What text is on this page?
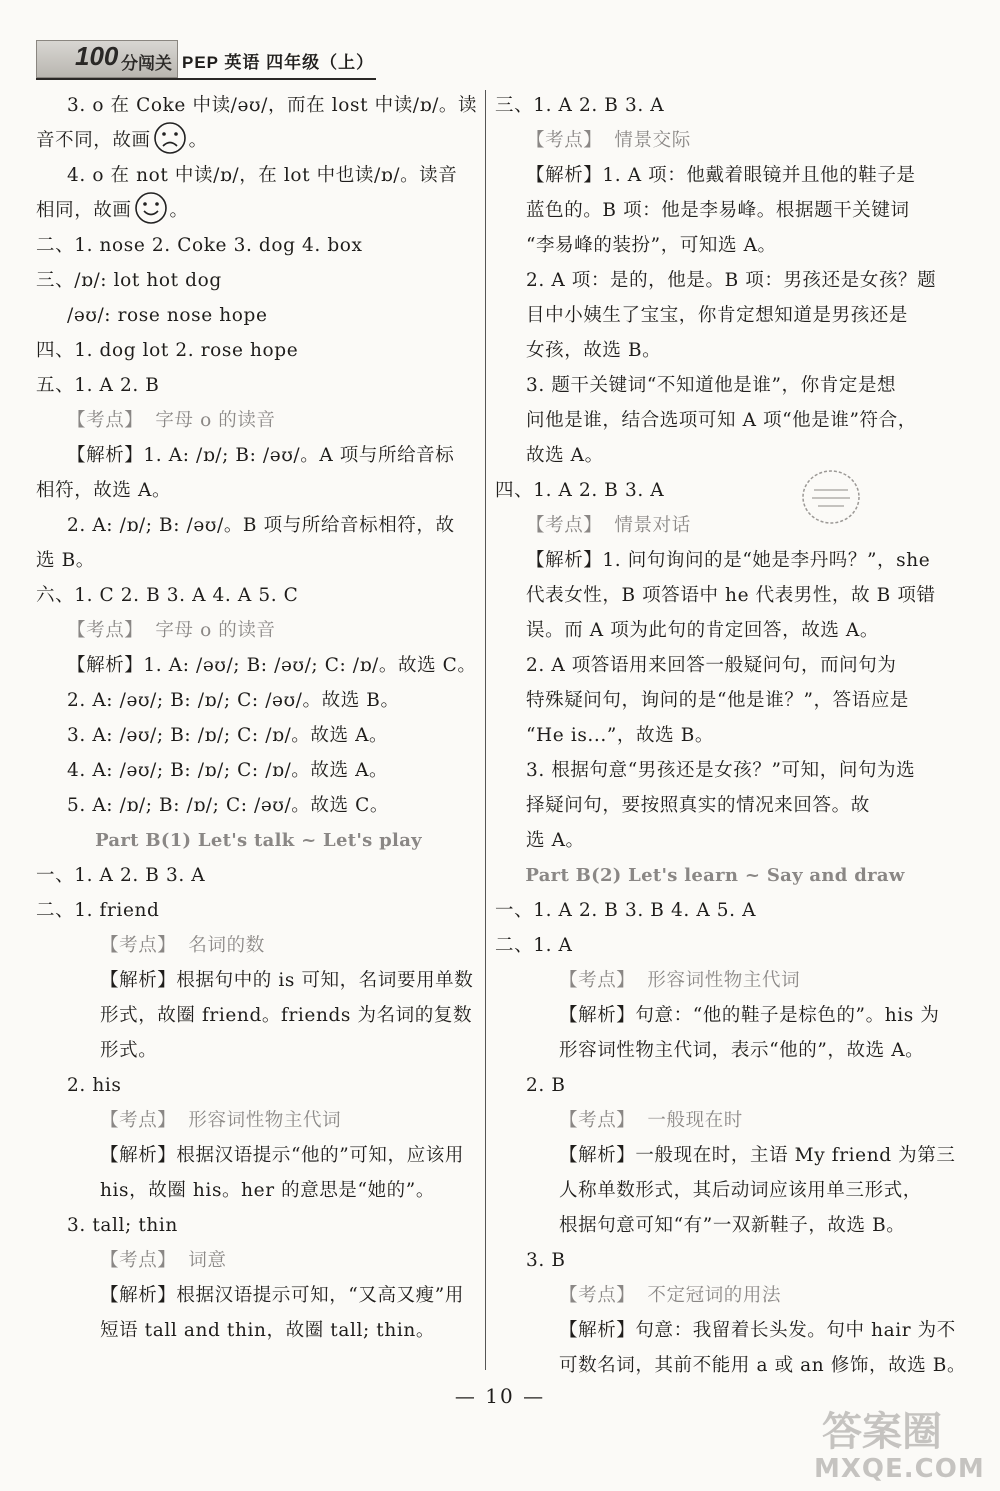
100 分闯关 PEP 英语 四年级（上）
3. o 在 Coke 中读/əʊ/，而在 lost 中读/ɒ/。读
音不同，故画 。
4. o 在 not 中读/ɒ/，在 lot 中也读/ɒ/。读音
相同，故画 。
二、1. nose 2. Coke 3. dog 4. box
三、/ɒ/: lot hot dog
/əʊ/: rose nose hope
四、1. dog lot 2. rose hope
五、1. A 2. B
【考点】 字母 o 的读音
【解析】1. A: /ɒ/; B: /əʊ/。A 项与所给音标
相符，故选 A。
2. A: /ɒ/; B: /əʊ/。B 项与所给音标相符，故
选 B。
六、1. C 2. B 3. A 4. A 5. C
【考点】 字母 o 的读音
【解析】1. A: /əʊ/; B: /əʊ/; C: /ɒ/。故选 C。
2. A: /əʊ/; B: /ɒ/; C: /əʊ/。故选 B。
3. A: /əʊ/; B: /ɒ/; C: /ɒ/。故选 A。
4. A: /əʊ/; B: /ɒ/; C: /ɒ/。故选 A。
5. A: /ɒ/; B: /ɒ/; C: /əʊ/。故选 C。
Part B(1) Let's talk ~ Let's play
一、1. A 2. B 3. A
二、1. friend
【考点】 名词的数
【解析】根据句中的 is 可知，名词要用单数
形式，故圈 friend。friends 为名词的复数
形式。
2. his
【考点】 形容词性物主代词
【解析】根据汉语提示“他的”可知，应该用
his，故圈 his。her 的意思是“她的”。
3. tall; thin
【考点】 词意
【解析】根据汉语提示可知，“又高又瘦”用
短语 tall and thin，故圈 tall; thin。
三、1. A 2. B 3. A
【考点】 情景交际
【解析】1. A 项：他戴着眼镜并且他的鞋子是
蓝色的。B 项：他是李易峰。根据题干关键词
“李易峰的装扮”，可知选 A。
2. A 项：是的，他是。B 项：男孩还是女孩？题
目中小姨生了宝宝，你肯定想知道是男孩还是
女孩，故选 B。
3. 题干关键词“不知道他是谁”，你肯定是想
问他是谁，结合选项可知 A 项“他是谁”符合，
故选 A。
四、1. A 2. B 3. A
【考点】 情景对话
【解析】1. 问句询问的是“她是李丹吗？”，she
代表女性，B 项答语中 he 代表男性，故 B 项错
误。而 A 项为此句的肯定回答，故选 A。
2. A 项答语用来回答一般疑问句，而问句为
特殊疑问句，询问的是“他是谁？”，答语应是
“He is...”，故选 B。
3. 根据句意“男孩还是女孩？”可知，问句为选
择疑问句，要按照真实的情况来回答。故
选 A。
Part B(2) Let's learn ~ Say and draw
一、1. A 2. B 3. B 4. A 5. A
二、1. A
【考点】 形容词性物主代词
【解析】句意：“他的鞋子是棕色的”。his 为
形容词性物主代词，表示“他的”，故选 A。
2. B
【考点】 一般现在时
【解析】一般现在时，主语 My friend 为第三
人称单数形式，其后动词应该用单三形式，
根据句意可知“有”一双新鞋子，故选 B。
3. B
【考点】 不定冠词的用法
【解析】句意：我留着长头发。句中 hair 为不
可数名词，其前不能用 a 或 an 修饰，故选 B。
— 10 —
答案圈
MXQE.COM
